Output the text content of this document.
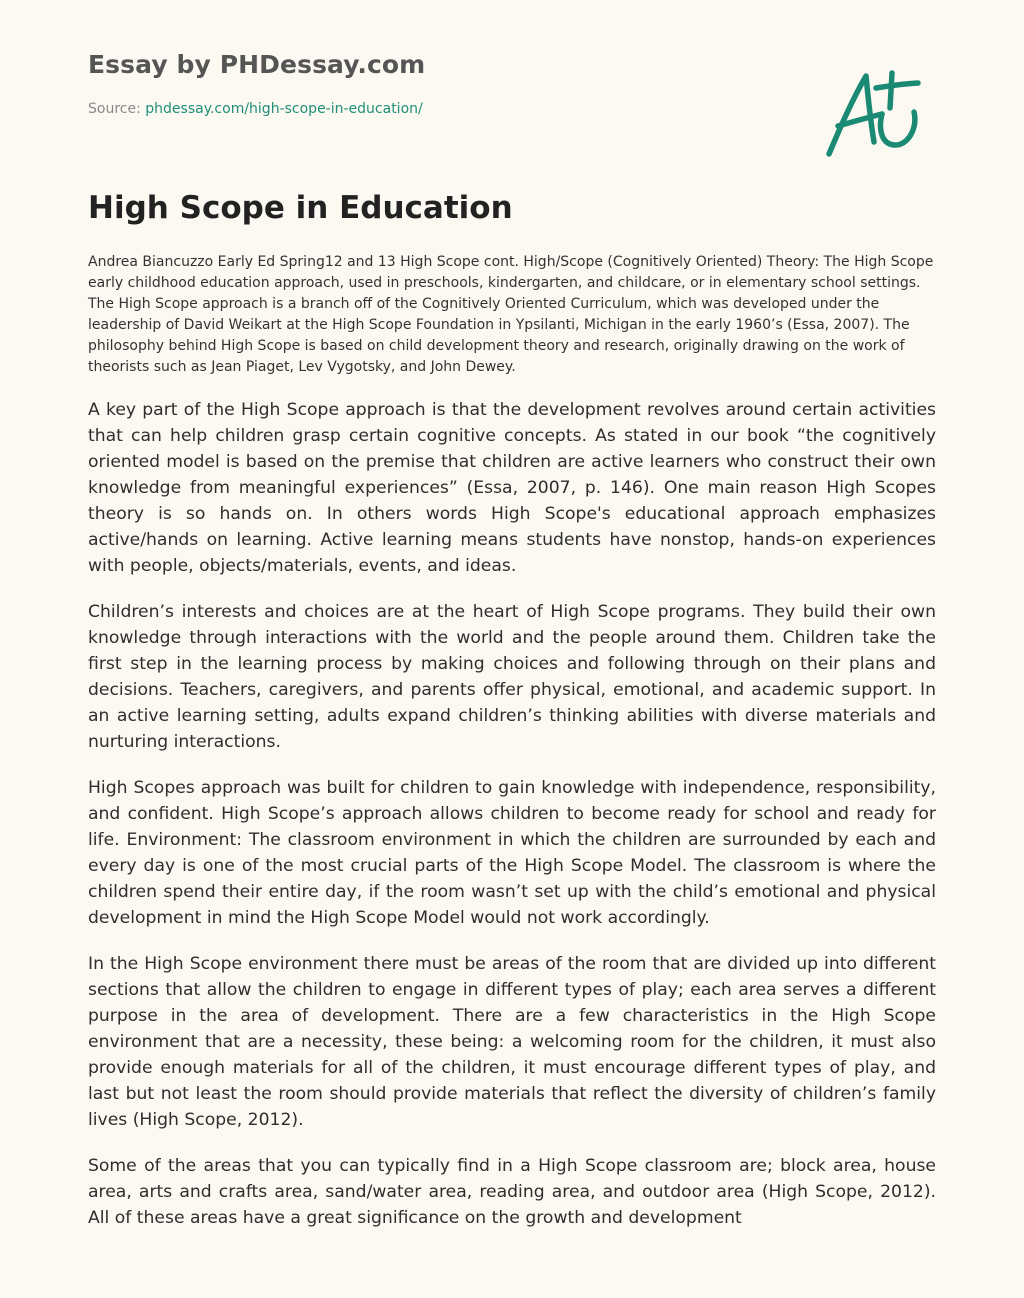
Essay by PHDessay.com
Source: phdessay.com/high-scope-in-education/
High Scope in Education

Andrea Biancuzzo Early Ed Spring12 and 13 High Scope cont. High/Scope (Cognitively Oriented) Theory: The High Scope early childhood education approach, used in preschools, kindergarten, and childcare, or in elementary school settings. The High Scope approach is a branch off of the Cognitively Oriented Curriculum, which was developed under the leadership of David Weikart at the High Scope Foundation in Ypsilanti, Michigan in the early 1960’s (Essa, 2007). The philosophy behind High Scope is based on child development theory and research, originally drawing on the work of theorists such as Jean Piaget, Lev Vygotsky, and John Dewey.

A key part of the High Scope approach is that the development revolves around certain activities that can help children grasp certain cognitive concepts. As stated in our book “the cognitively oriented model is based on the premise that children are active learners who construct their own knowledge from meaningful experiences” (Essa, 2007, p. 146). One main reason High Scopes theory is so hands on. In others words High Scope's educational approach emphasizes active/hands on learning. Active learning means students have nonstop, hands-on experiences with people, objects/materials, events, and ideas.

Children’s interests and choices are at the heart of High Scope programs. They build their own knowledge through interactions with the world and the people around them. Children take the first step in the learning process by making choices and following through on their plans and decisions. Teachers, caregivers, and parents offer physical, emotional, and academic support. In an active learning setting, adults expand children’s thinking abilities with diverse materials and nurturing interactions.

High Scopes approach was built for children to gain knowledge with independence, responsibility, and confident. High Scope’s approach allows children to become ready for school and ready for life. Environment: The classroom environment in which the children are surrounded by each and every day is one of the most crucial parts of the High Scope Model. The classroom is where the children spend their entire day, if the room wasn’t set up with the child’s emotional and physical development in mind the High Scope Model would not work accordingly.

In the High Scope environment there must be areas of the room that are divided up into different sections that allow the children to engage in different types of play; each area serves a different purpose in the area of development. There are a few characteristics in the High Scope environment that are a necessity, these being: a welcoming room for the children, it must also provide enough materials for all of the children, it must encourage different types of play, and last but not least the room should provide materials that reflect the diversity of children’s family lives (High Scope, 2012).

Some of the areas that you can typically find in a High Scope classroom are; block area, house area, arts and crafts area, sand/water area, reading area, and outdoor area (High Scope, 2012). All of these areas have a great significance on the growth and development
